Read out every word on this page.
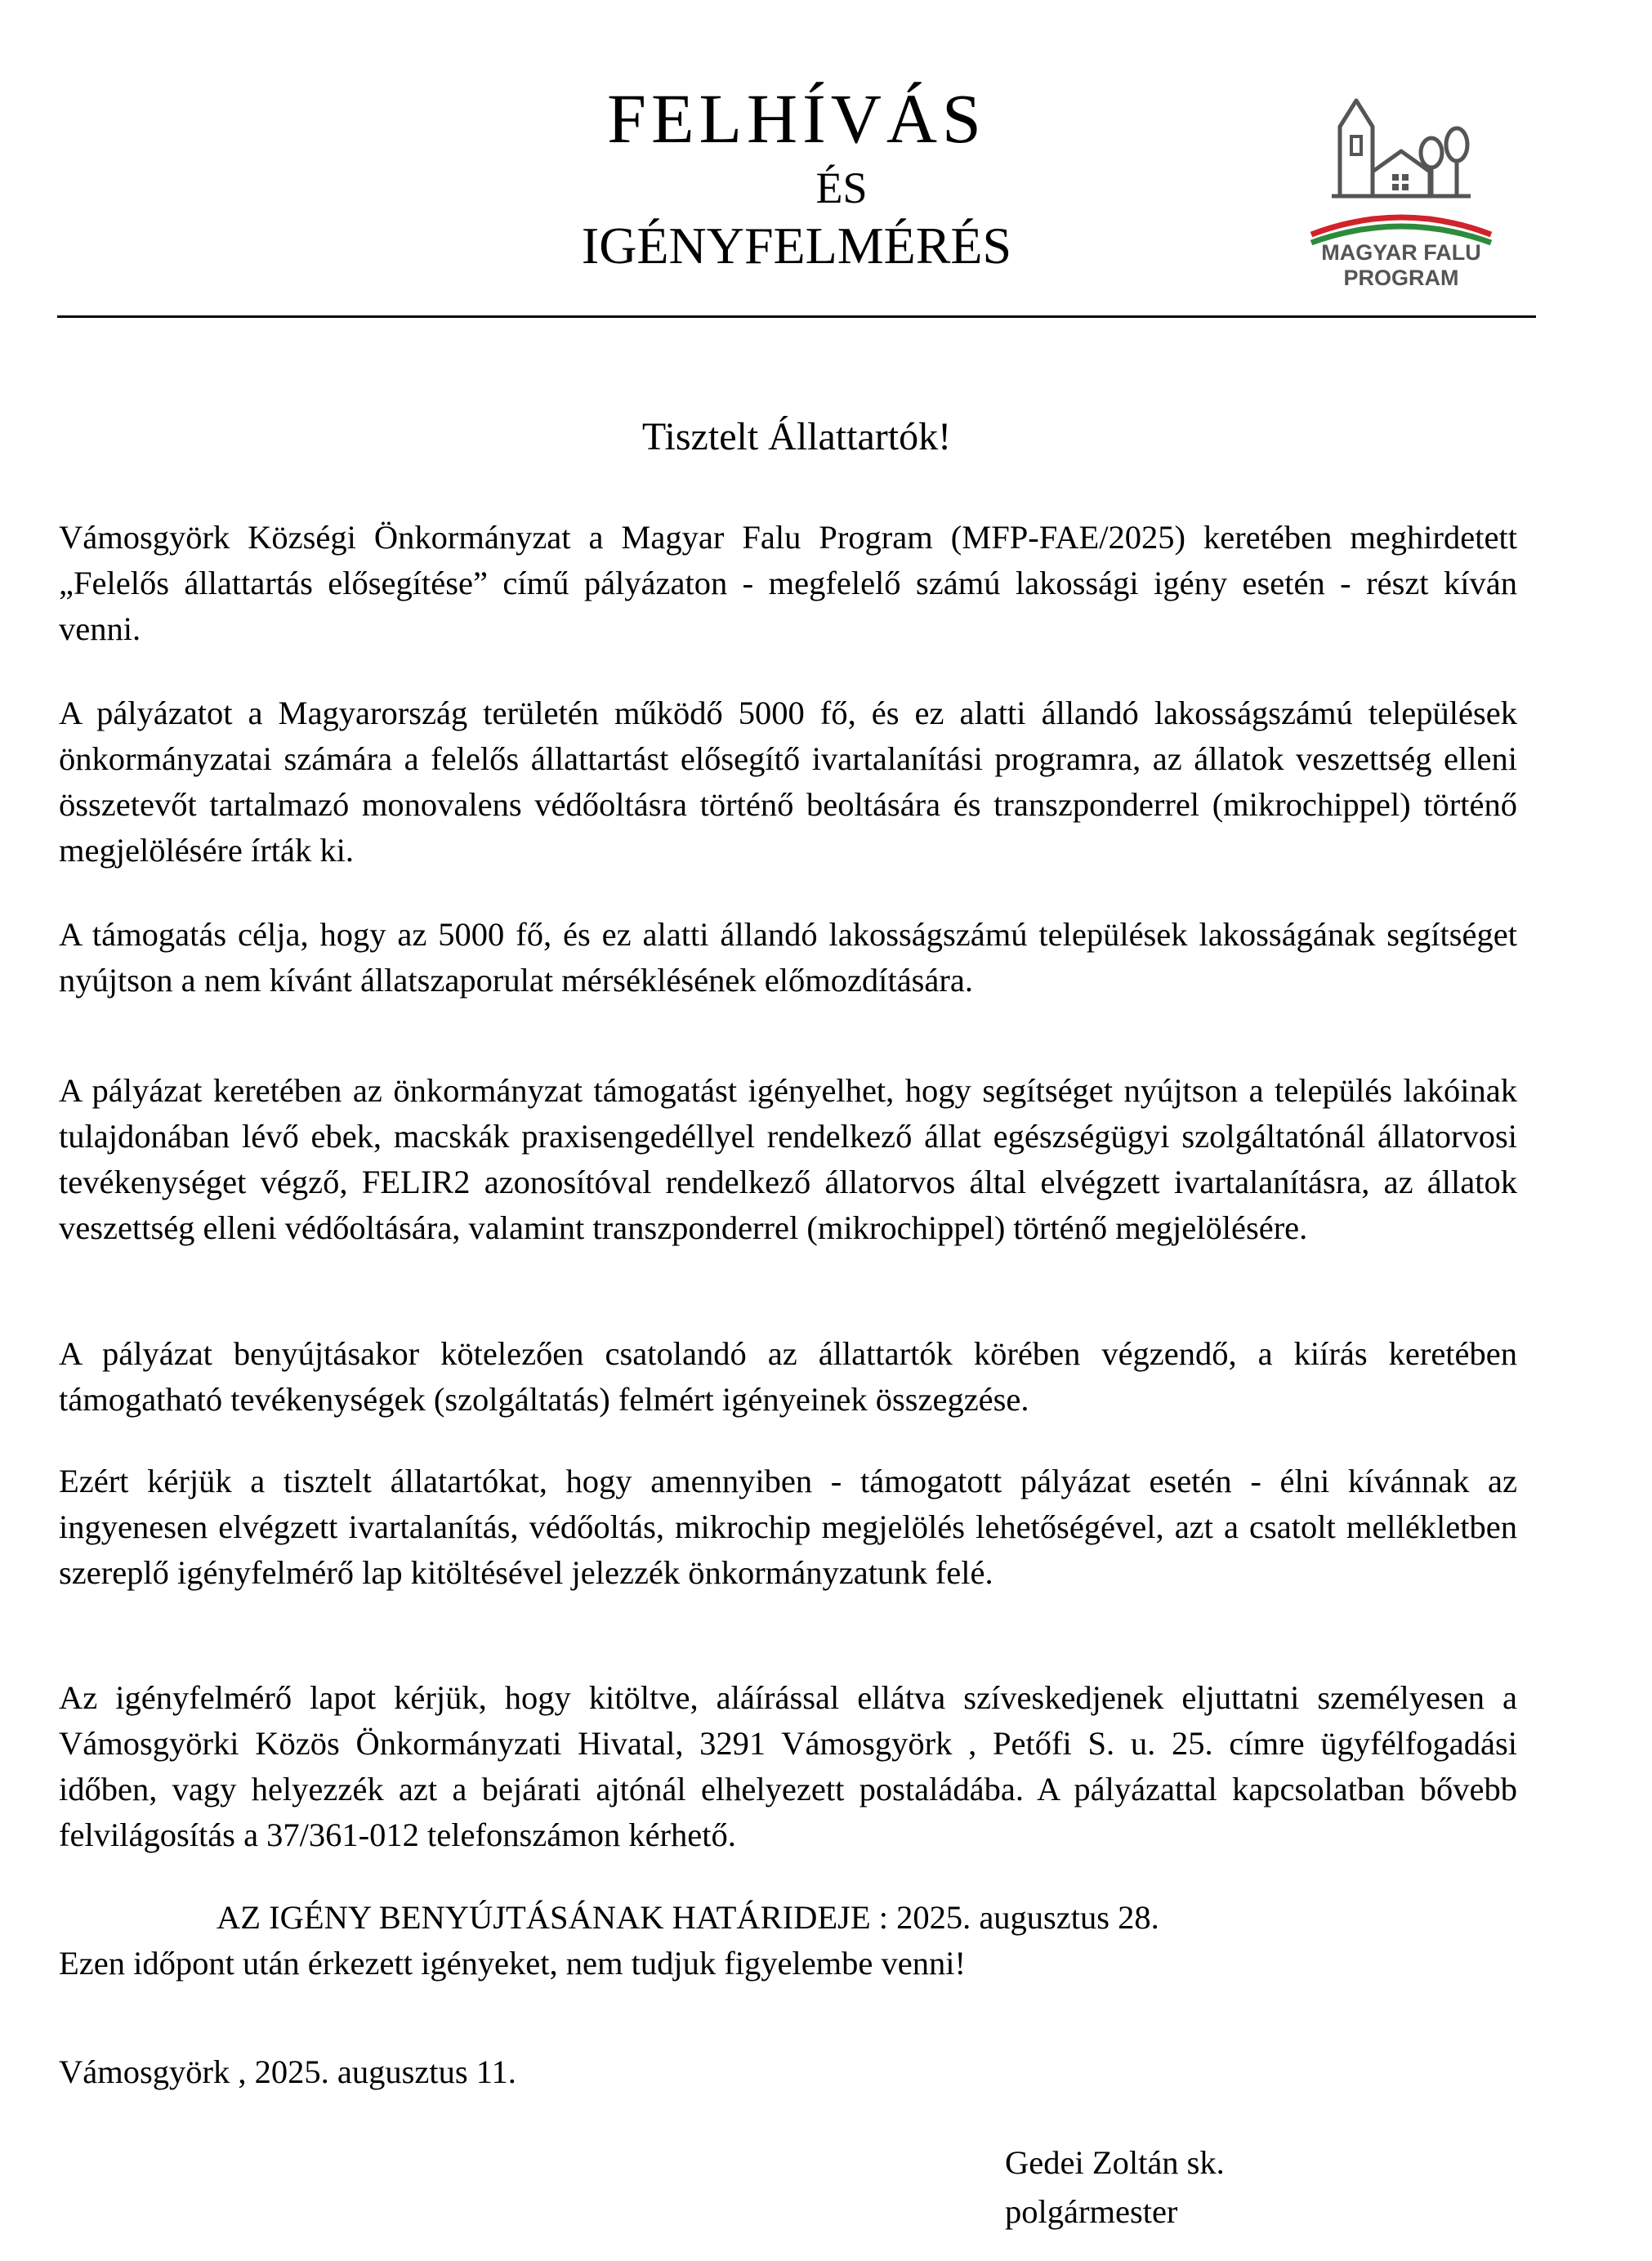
FELHÍVÁS
ÉS
IGÉNYFELMÉRÉS	MAGYAR FALU
PROGRAM
Tisztelt Állattartók!

Vámosgyörk Községi Önkormányzat a Magyar Falu Program (MFP-FAE/2025) keretében meghirdetett „Felelős állattartás elősegítése” című pályázaton - megfelelő számú lakossági igény esetén - részt kíván venni.

A pályázatot a Magyarország területén működő 5000 fő, és ez alatti állandó lakosságszámú települések önkormányzatai számára a felelős állattartást elősegítő ivartalanítási programra, az állatok veszettség elleni összetevőt tartalmazó monovalens védőoltásra történő beoltására és transzponderrel (mikrochippel) történő megjelölésére írták ki.

A támogatás célja, hogy az 5000 fő, és ez alatti állandó lakosságszámú települések lakosságának segítséget nyújtson a nem kívánt állatszaporulat mérséklésének előmozdítására.

A pályázat keretében az önkormányzat támogatást igényelhet, hogy segítséget nyújtson a település lakóinak tulajdonában lévő ebek, macskák praxisengedéllyel rendelkező állat egészségügyi szolgáltatónál állatorvosi tevékenységet végző, FELIR2 azonosítóval rendelkező állatorvos által elvégzett ivartalanításra, az állatok veszettség elleni védőoltására, valamint transzponderrel (mikrochippel) történő megjelölésére.

A pályázat benyújtásakor kötelezően csatolandó az állattartók körében végzendő, a kiírás keretében támogatható tevékenységek (szolgáltatás) felmért igényeinek összegzése.

Ezért kérjük a tisztelt állatartókat, hogy amennyiben - támogatott pályázat esetén - élni kívánnak az ingyenesen elvégzett ivartalanítás, védőoltás, mikrochip megjelölés lehetőségével, azt a csatolt mellékletben szereplő igényfelmérő lap kitöltésével jelezzék önkormányzatunk felé.

Az igényfelmérő lapot kérjük, hogy kitöltve, aláírással ellátva szíveskedjenek eljuttatni személyesen a Vámosgyörki Közös Önkormányzati Hivatal, 3291 Vámosgyörk , Petőfi S. u. 25. címre ügyfélfogadási időben, vagy helyezzék azt a bejárati ajtónál elhelyezett postaládába. A pályázattal kapcsolatban bővebb felvilágosítás a 37/361-012 telefonszámon kérhető.

AZ IGÉNY BENYÚJTÁSÁNAK HATÁRIDEJE : 2025. augusztus 28.
Ezen időpont után érkezett igényeket, nem tudjuk figyelembe venni!
Vámosgyörk , 2025. augusztus 11.
Gedei Zoltán sk.
polgármester
